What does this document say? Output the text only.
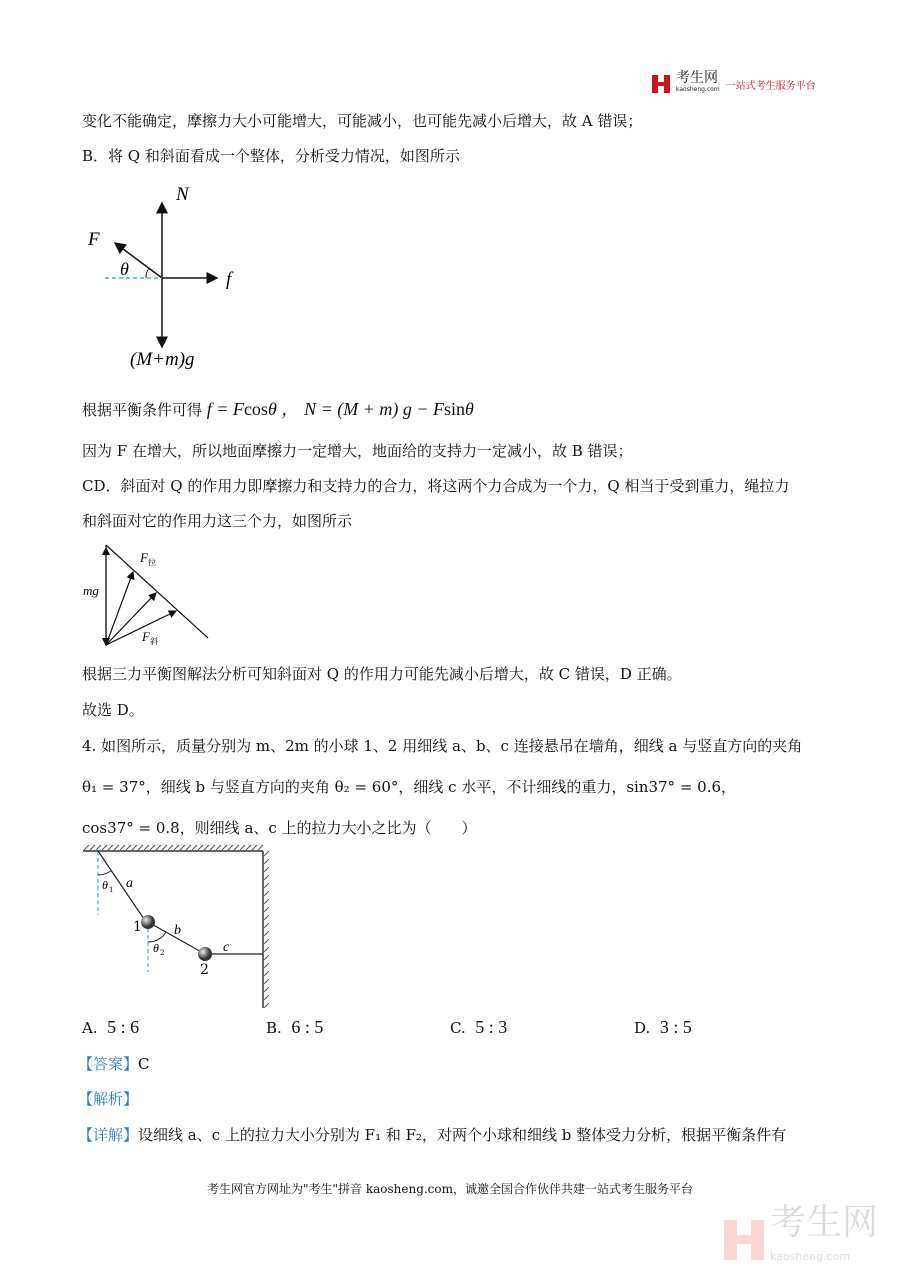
考生网
kaosheng.com 一站式考生服务平台
变化不能确定，摩擦力大小可能增大，可能减小，也可能先减小后增大，故 A 错误；
B．将 Q 和斜面看成一个整体，分析受力情况，如图所示
N
F
θ	f
(M+m)g
根据平衡条件可得 f = Fcosθ ， N = (M + m) g − Fsinθ
因为 F 在增大，所以地面摩擦力一定增大，地面给的支持力一定减小，故 B 错误；
CD．斜面对 Q 的作用力即摩擦力和支持力的合力，将这两个力合成为一个力，Q 相当于受到重力，绳拉力
和斜面对它的作用力这三个力，如图所示
mg
F 拉
F 斜
根据三力平衡图解法分析可知斜面对 Q 的作用力可能先减小后增大，故 C 错误，D 正确。
故选 D。
4. 如图所示，质量分别为 m、2m 的小球 1、2 用细线 a、b、c 连接悬吊在墙角，细线 a 与竖直方向的夹角
θ₁ = 37°，细线 b 与竖直方向的夹角 θ₂ = 60°，细线 c 水平，不计细线的重力，sin37° = 0.6，
cos37° = 0.8，则细线 a、c 上的拉力大小之比为（　　）
θ 1 a
1 b
θ 2
2
c
A. 5 : 6	B. 6 : 5	C. 5 : 3	D. 3 : 5
【答案】C
【解析】
【详解】设细线 a、c 上的拉力大小分别为 F₁ 和 F₂，对两个小球和细线 b 整体受力分析，根据平衡条件有
考生网官方网址为"考生"拼音 kaosheng.com，诚邀全国合作伙伴共建一站式考生服务平台
考生网
kaosheng.com
